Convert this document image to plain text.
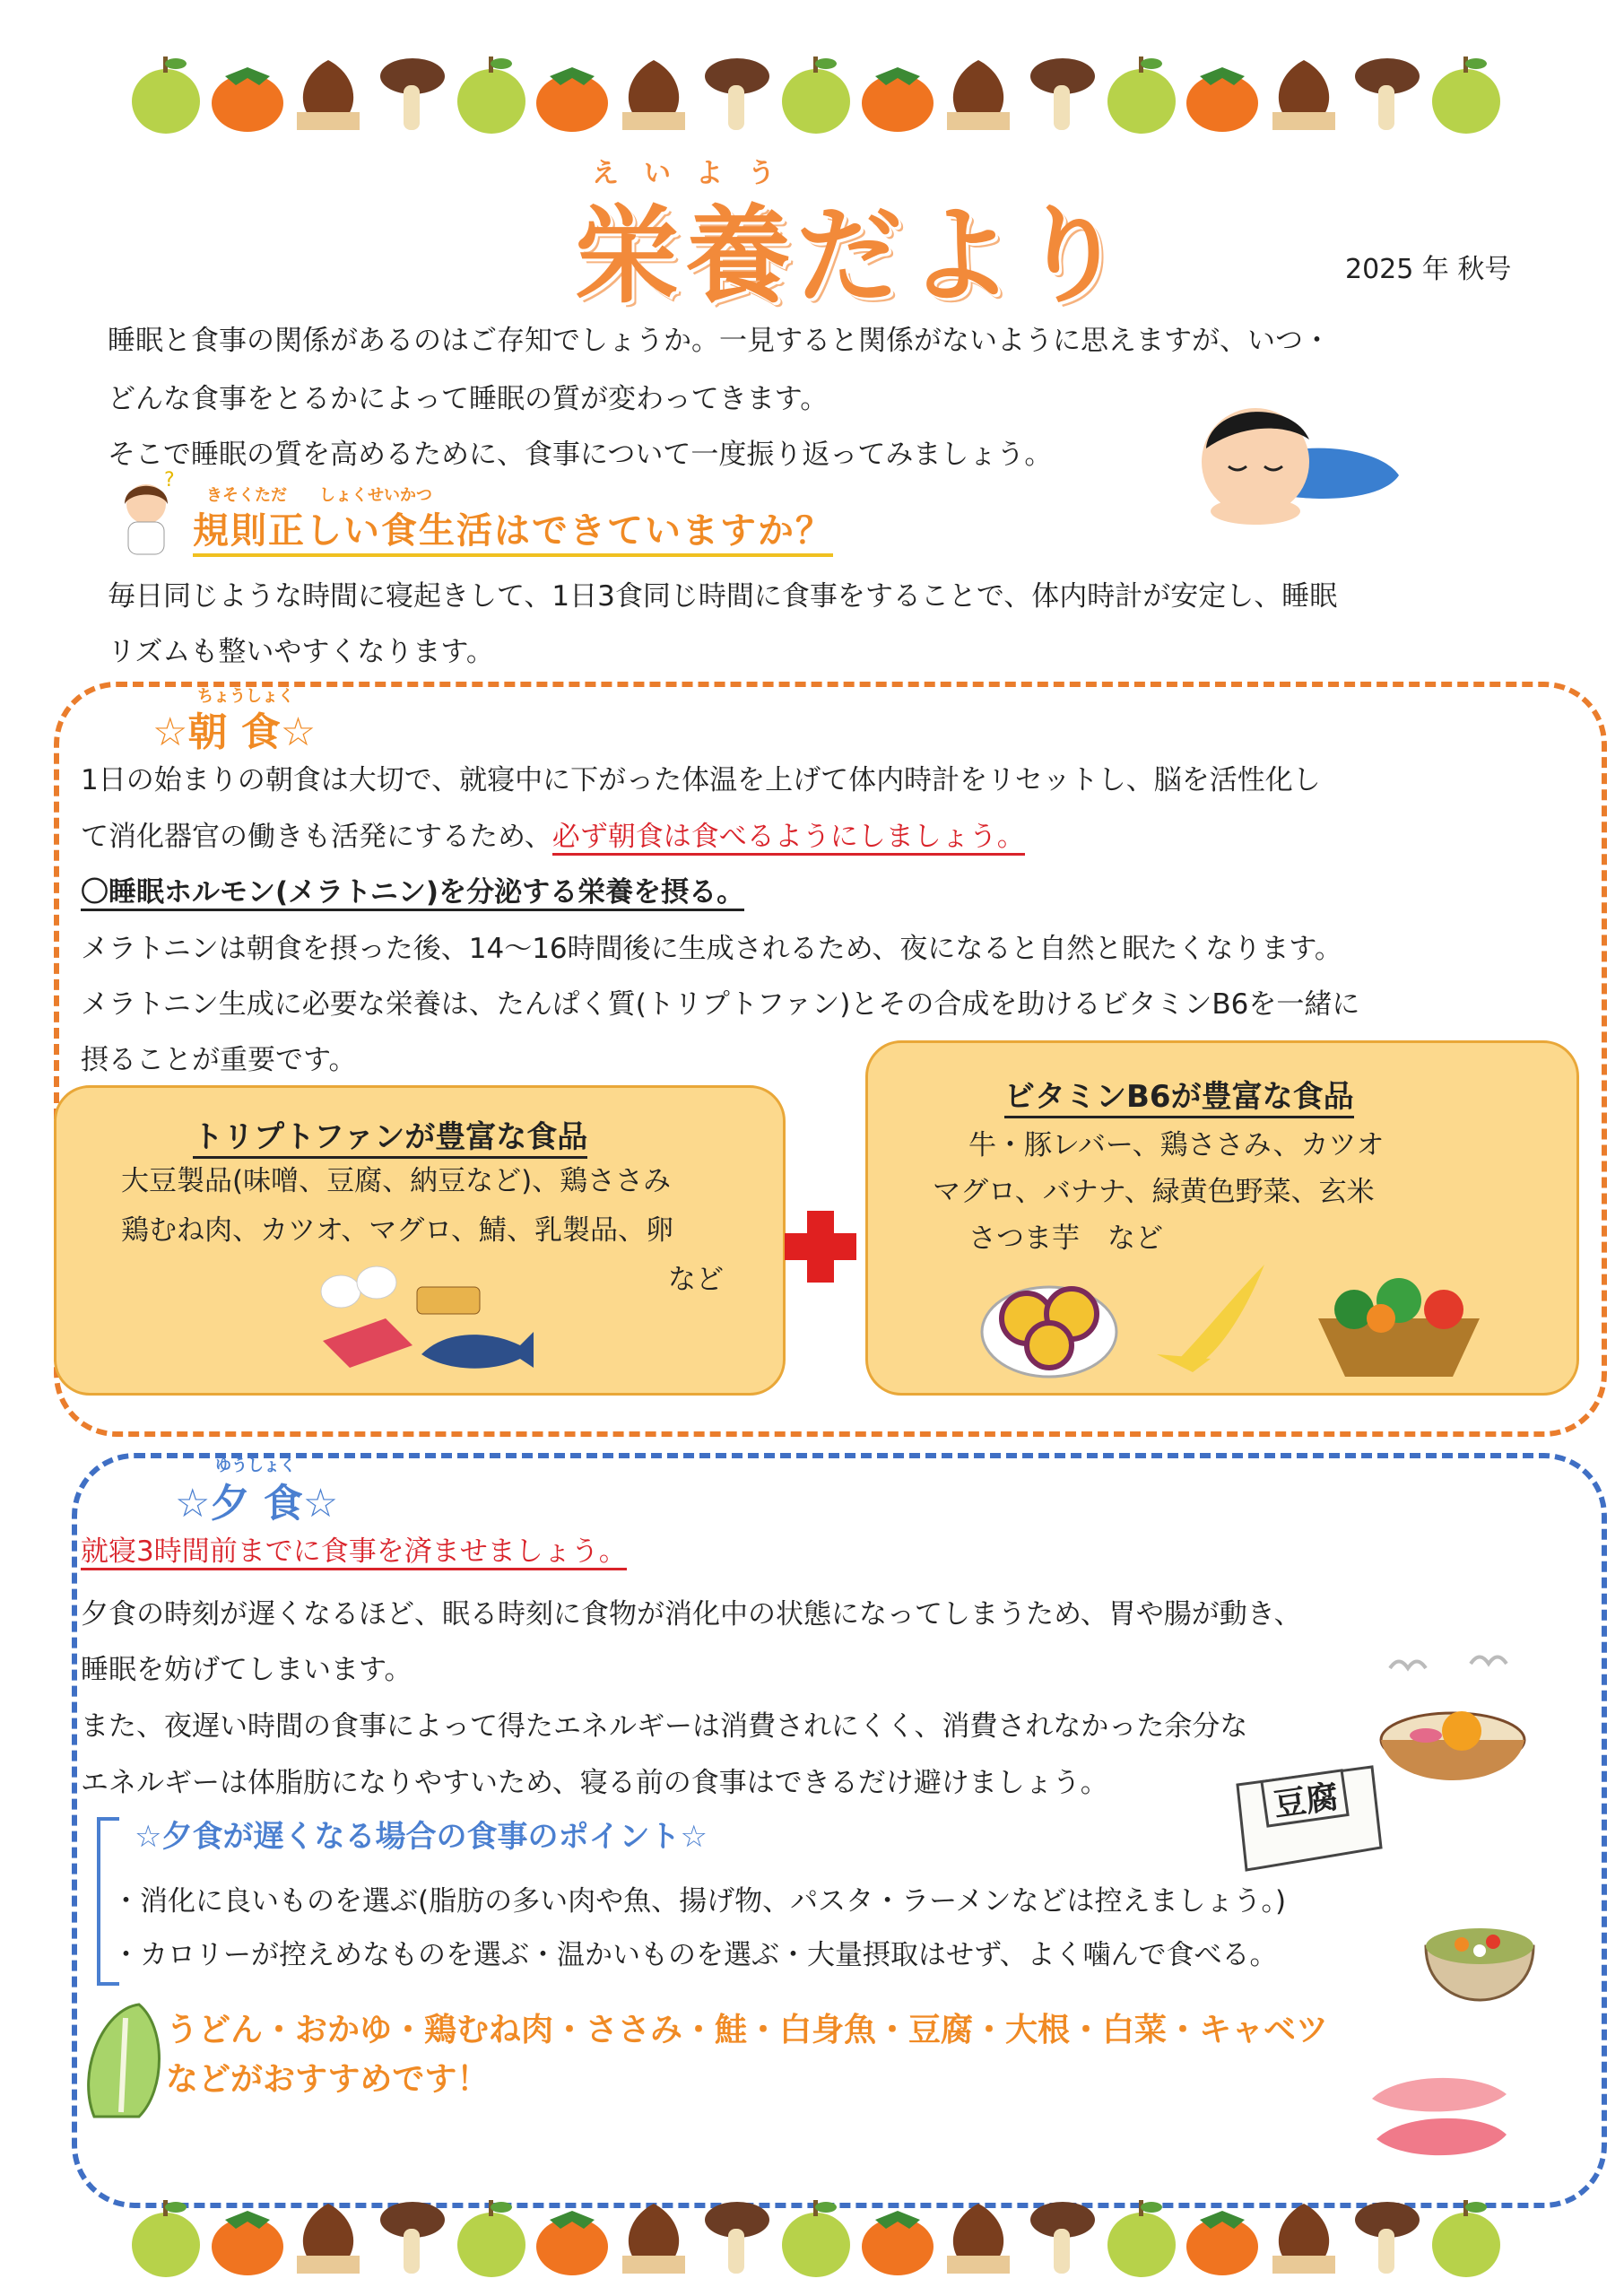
えいよう
栄養だより	2025 年 秋号
睡眠と食事の関係があるのはご存知でしょうか。一見すると関係がないように思えますが、いつ・
どんな食事をとるかによって睡眠の質が変わってきます。
そこで睡眠の質を高めるために、食事について一度振り返ってみましょう。
?
きそくただ　　しょくせいかつ
規則正しい食生活はできていますか？
毎日同じような時間に寝起きして、1日3食同じ時間に食事をすることで、体内時計が安定し、睡眠
リズムも整いやすくなります。
ちょうしょく
☆朝 食☆
1日の始まりの朝食は大切で、就寝中に下がった体温を上げて体内時計をリセットし、脳を活性化し
て消化器官の働きも活発にするため、必ず朝食は食べるようにしましょう。
〇睡眠ホルモン(メラトニン)を分泌する栄養を摂る。
メラトニンは朝食を摂った後、14～16時間後に生成されるため、夜になると自然と眠たくなります。
メラトニン生成に必要な栄養は、たんぱく質(トリプトファン)とその合成を助けるビタミンB6を一緒に
摂ることが重要です。
トリプトファンが豊富な食品
大豆製品(味噌、豆腐、納豆など)、鶏ささみ
鶏むね肉、カツオ、マグロ、鯖、乳製品、卵
など
ビタミンB6が豊富な食品
牛・豚レバー、鶏ささみ、カツオ
マグロ、バナナ、緑黄色野菜、玄米
さつま芋　など
ゆうしょく
☆夕 食☆
就寝3時間前までに食事を済ませましょう。
夕食の時刻が遅くなるほど、眠る時刻に食物が消化中の状態になってしまうため、胃や腸が動き、
睡眠を妨げてしまいます。
また、夜遅い時間の食事によって得たエネルギーは消費されにくく、消費されなかった余分な
エネルギーは体脂肪になりやすいため、寝る前の食事はできるだけ避けましょう。	豆腐
☆夕食が遅くなる場合の食事のポイント☆
・消化に良いものを選ぶ(脂肪の多い肉や魚、揚げ物、パスタ・ラーメンなどは控えましょう。)
・カロリーが控えめなものを選ぶ・温かいものを選ぶ・大量摂取はせず、よく噛んで食べる。
うどん・おかゆ・鶏むね肉・ささみ・鮭・白身魚・豆腐・大根・白菜・キャベツ
などがおすすめです！
